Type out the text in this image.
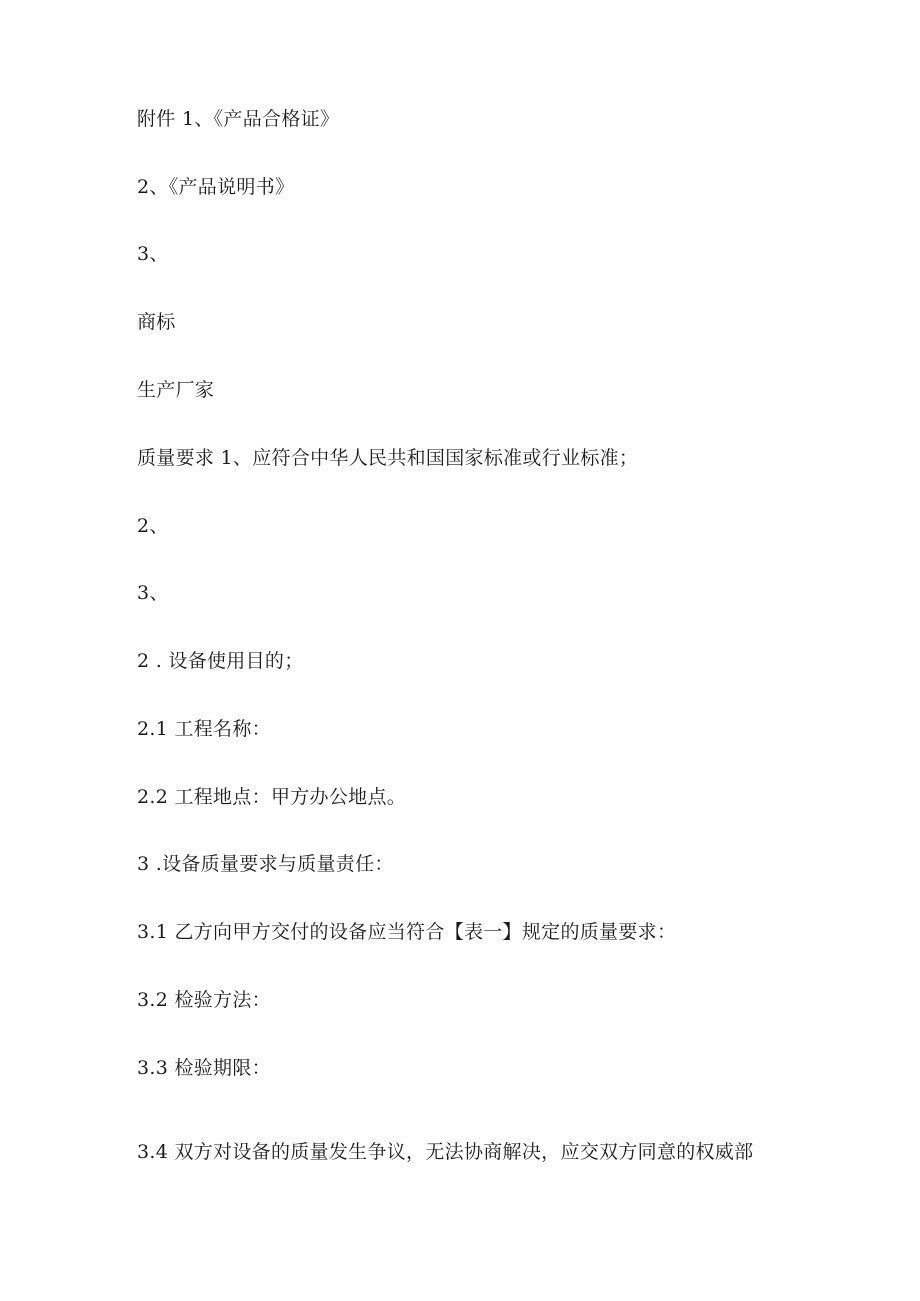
附件 1、《产品合格证》
2、《产品说明书》
3、
商标
生产厂家
质量要求 1、应符合中华人民共和国国家标准或行业标准；
2、
3、
2 . 设备使用目的；
2.1 工程名称：
2.2 工程地点：甲方办公地点。
3 .设备质量要求与质量责任：
3.1 乙方向甲方交付的设备应当符合【表一】规定的质量要求：
3.2 检验方法：
3.3 检验期限：
3.4 双方对设备的质量发生争议，无法协商解决，应交双方同意的权威部
